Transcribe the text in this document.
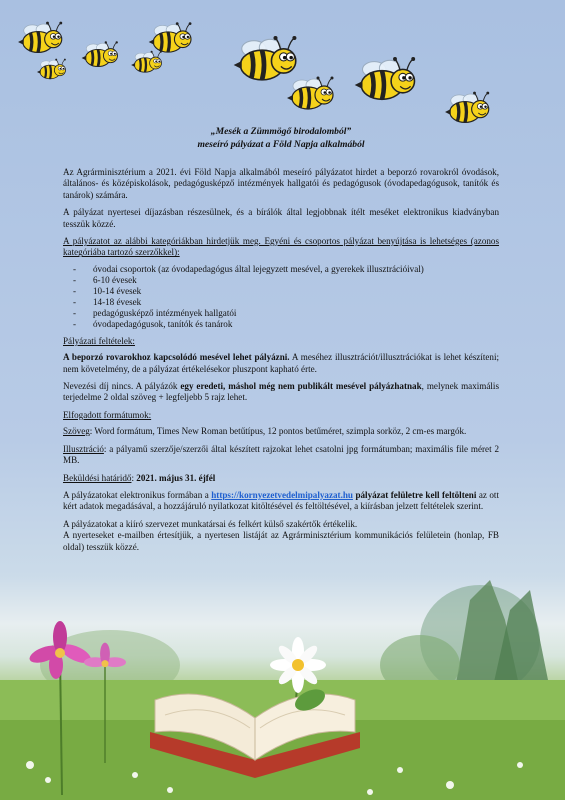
„Mesék a Zümmögő birodalomból”
meseíró pályázat a Föld Napja alkalmából

Az Agrárminisztérium a 2021. évi Föld Napja alkalmából meseíró pályázatot hirdet a beporzó rovarokról óvodások, általános- és középiskolások, pedagógusképző intézmények hallgatói és pedagógusok (óvodapedagógusok, tanítók és tanárok) számára.

A pályázat nyertesei díjazásban részesülnek, és a bírálók által legjobbnak ítélt meséket elektronikus kiadványban tesszük közzé.

A pályázatot az alábbi kategóriákban hirdetjük meg. Egyéni és csoportos pályázat benyújtása is lehetséges (azonos kategóriába tartozó szerzőkkel):

- óvodai csoportok (az óvodapedagógus által lejegyzett mesével, a gyerekek illusztrációival)
- 6-10 évesek
- 10-14 évesek
- 14-18 évesek
- pedagógusképző intézmények hallgatói
- óvodapedagógusok, tanítók és tanárok

Pályázati feltételek:

A beporzó rovarokhoz kapcsolódó mesével lehet pályázni. A meséhez illusztrációt/illusztrációkat is lehet készíteni; nem követelmény, de a pályázat értékelésekor pluszpont kapható érte.

Nevezési díj nincs. A pályázók egy eredeti, máshol még nem publikált mesével pályázhatnak, melynek maximális terjedelme 2 oldal szöveg + legfeljebb 5 rajz lehet.

Elfogadott formátumok:

Szöveg: Word formátum, Times New Roman betűtípus, 12 pontos betűméret, szimpla sorköz, 2 cm-es margók.

Illusztráció: a pályamű szerzője/szerzői által készített rajzokat lehet csatolni jpg formátumban; maximális file méret 2 MB.

Beküldési határidő: 2021. május 31. éjfél

A pályázatokat elektronikus formában a https://kornyezetvedelmipalyazat.hu pályázat felületre kell feltölteni az ott kért adatok megadásával, a hozzájáruló nyilatkozat kitöltésével és feltöltésével, a kiírásban jelzett feltételek szerint.

A pályázatokat a kiíró szervezet munkatársai és felkért külső szakértők értékelik.

A nyerteseket e-mailben értesítjük, a nyertesen listáját az Agrárminisztérium kommunikációs felületein (honlap, FB oldal) tesszük közzé.
